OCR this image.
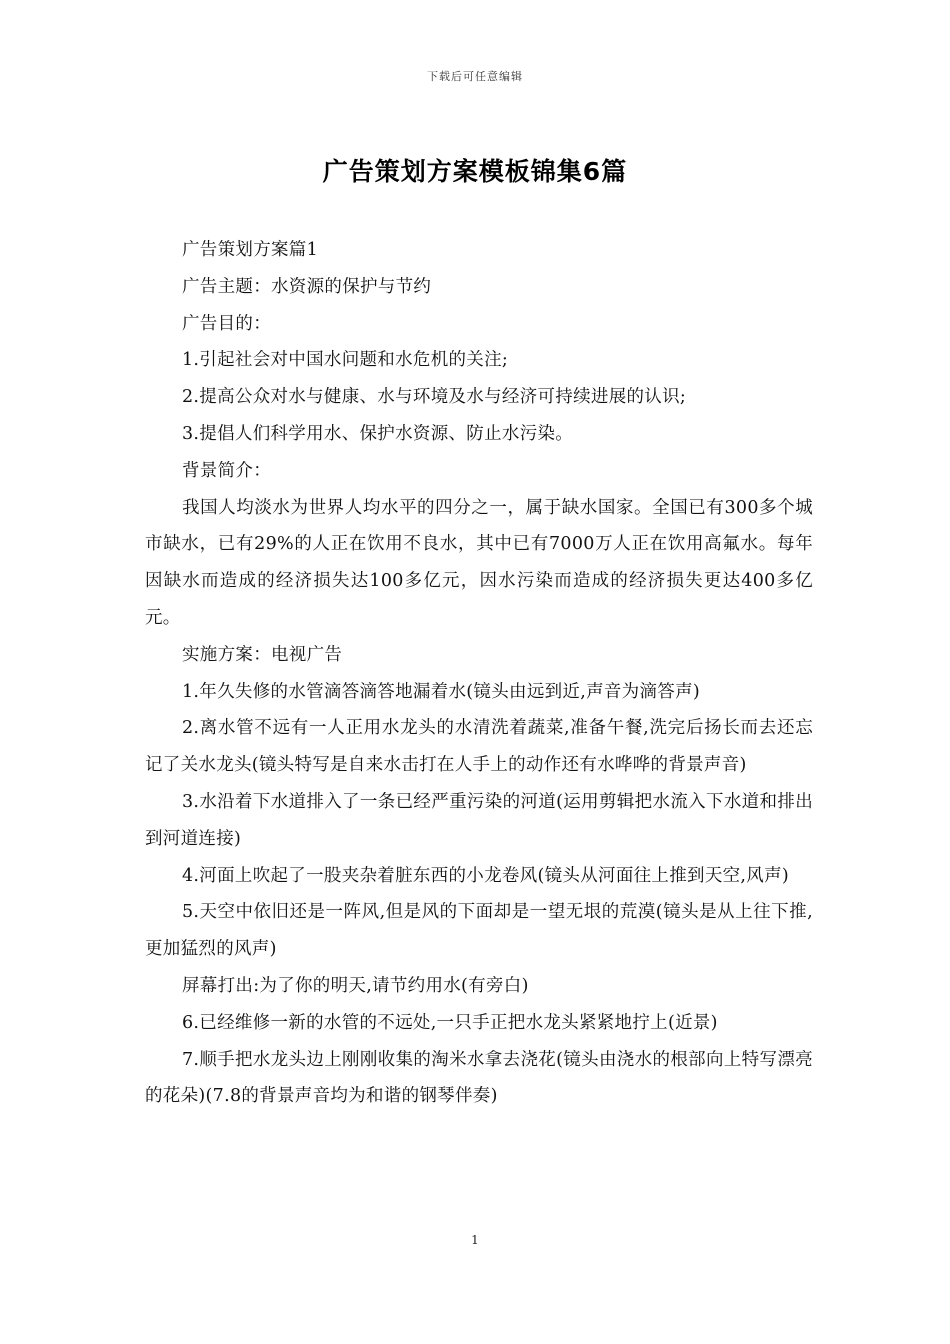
下载后可任意编辑
广告策划方案模板锦集6篇

广告策划方案篇1

广告主题：水资源的保护与节约

广告目的：

1.引起社会对中国水问题和水危机的关注;

2.提高公众对水与健康、水与环境及水与经济可持续进展的认识;

3.提倡人们科学用水、保护水资源、防止水污染。

背景简介：

我国人均淡水为世界人均水平的四分之一，属于缺水国家。全国已有300多个城市缺水，已有29%的人正在饮用不良水，其中已有7000万人正在饮用高氟水。每年因缺水而造成的经济损失达100多亿元，因水污染而造成的经济损失更达400多亿元。

实施方案：电视广告

1.年久失修的水管滴答滴答地漏着水(镜头由远到近,声音为滴答声)

2.离水管不远有一人正用水龙头的水清洗着蔬菜,准备午餐,洗完后扬长而去还忘记了关水龙头(镜头特写是自来水击打在人手上的动作还有水哗哗的背景声音)

3.水沿着下水道排入了一条已经严重污染的河道(运用剪辑把水流入下水道和排出到河道连接)

4.河面上吹起了一股夹杂着脏东西的小龙卷风(镜头从河面往上推到天空,风声)

5.天空中依旧还是一阵风,但是风的下面却是一望无垠的荒漠(镜头是从上往下推,更加猛烈的风声)

屏幕打出:为了你的明天,请节约用水(有旁白)

6.已经维修一新的水管的不远处,一只手正把水龙头紧紧地拧上(近景)

7.顺手把水龙头边上刚刚收集的淘米水拿去浇花(镜头由浇水的根部向上特写漂亮的花朵)(7.8的背景声音均为和谐的钢琴伴奏)

1
